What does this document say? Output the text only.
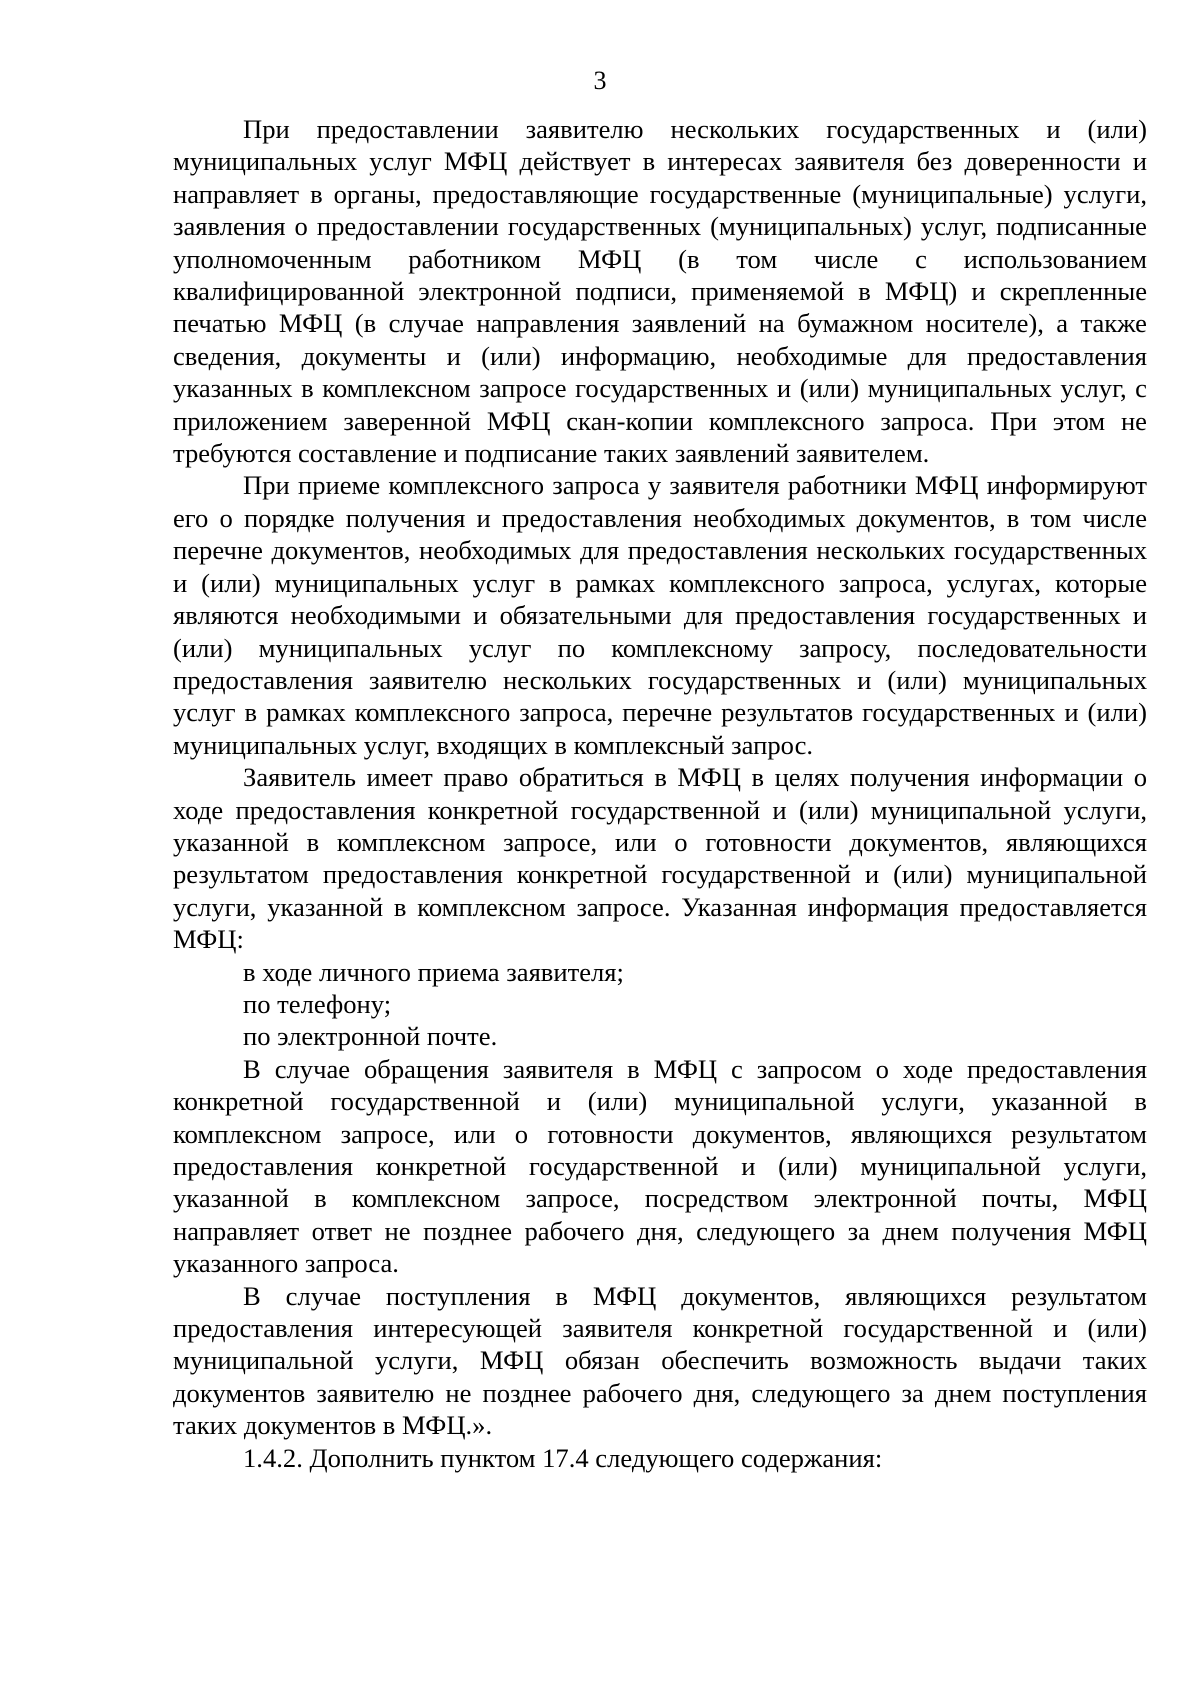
3

При предоставлении заявителю нескольких государственных и (или) муниципальных услуг МФЦ действует в интересах заявителя без доверенности и направляет в органы, предоставляющие государственные (муниципальные) услуги, заявления о предоставлении государственных (муниципальных) услуг, подписанные уполномоченным работником МФЦ (в том числе с использованием квалифицированной электронной подписи, применяемой в МФЦ) и скрепленные печатью МФЦ (в случае направления заявлений на бумажном носителе), а также сведения, документы и (или) информацию, необходимые для предоставления указанных в комплексном запросе государственных и (или) муниципальных услуг, с приложением заверенной МФЦ скан-копии комплексного запроса. При этом не требуются составление и подписание таких заявлений заявителем.

При приеме комплексного запроса у заявителя работники МФЦ информируют его о порядке получения и предоставления необходимых документов, в том числе перечне документов, необходимых для предоставления нескольких государственных и (или) муниципальных услуг в рамках комплексного запроса, услугах, которые являются необходимыми и обязательными для предоставления государственных и (или) муниципальных услуг по комплексному запросу, последовательности предоставления заявителю нескольких государственных и (или) муниципальных услуг в рамках комплексного запроса, перечне результатов государственных и (или) муниципальных услуг, входящих в комплексный запрос.

Заявитель имеет право обратиться в МФЦ в целях получения информации о ходе предоставления конкретной государственной и (или) муниципальной услуги, указанной в комплексном запросе, или о готовности документов, являющихся результатом предоставления конкретной государственной и (или) муниципальной услуги, указанной в комплексном запросе. Указанная информация предоставляется МФЦ:

в ходе личного приема заявителя;

по телефону;

по электронной почте.

В случае обращения заявителя в МФЦ с запросом о ходе предоставления конкретной государственной и (или) муниципальной услуги, указанной в комплексном запросе, или о готовности документов, являющихся результатом предоставления конкретной государственной и (или) муниципальной услуги, указанной в комплексном запросе, посредством электронной почты, МФЦ направляет ответ не позднее рабочего дня, следующего за днем получения МФЦ указанного запроса.

В случае поступления в МФЦ документов, являющихся результатом предоставления интересующей заявителя конкретной государственной и (или) муниципальной услуги, МФЦ обязан обеспечить возможность выдачи таких документов заявителю не позднее рабочего дня, следующего за днем поступления таких документов в МФЦ.».

1.4.2. Дополнить пунктом 17.4 следующего содержания:
